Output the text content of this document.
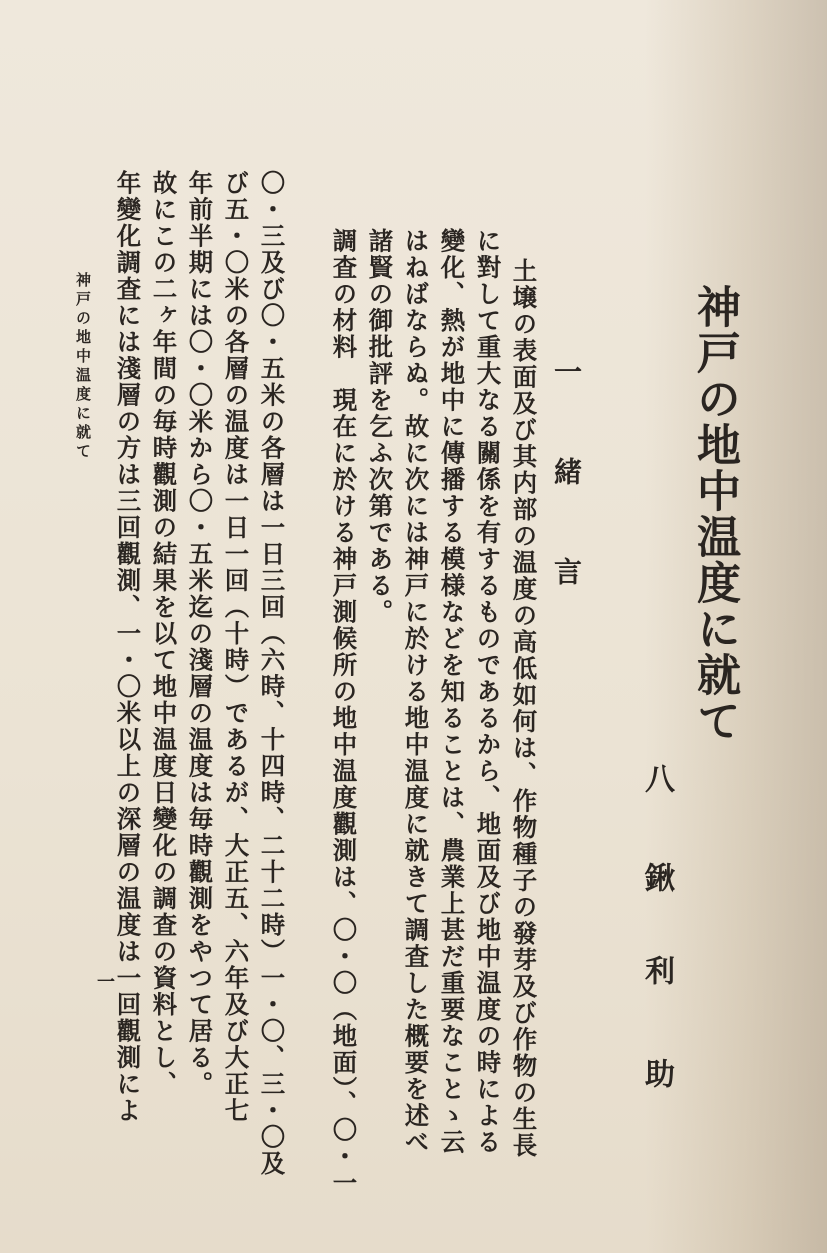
神戸の地中温度に就て
八
鍬
利
助
一　緒　言

土壌の表面及び其内部の温度の高低如何は、作物種子の發芽及び作物の生長

に對して重大なる關係を有するものであるから、地面及び地中温度の時による

變化、熱が地中に傳播する模様などを知ることは、農業上甚だ重要なことゝ云

はねばならぬ。故に次には神戸に於ける地中温度に就きて調査した概要を述べ

諸賢の御批評を乞ふ次第である。

調査の材料　現在に於ける神戸測候所の地中温度觀測は、〇・〇（地面）、〇・一

〇・三及び〇・五米の各層は一日三回（六時、十四時、二十二時）一・〇、三・〇及

び五・〇米の各層の温度は一日一回（十時）であるが、大正五、六年及び大正七

年前半期には〇・〇米から〇・五米迄の淺層の温度は毎時觀測をやつて居る。

故にこの二ヶ年間の毎時觀測の結果を以て地中温度日變化の調査の資料とし、

年變化調査には淺層の方は三回觀測、一・〇米以上の深層の温度は一回觀測によ

神戸の地中温度に就て
一
